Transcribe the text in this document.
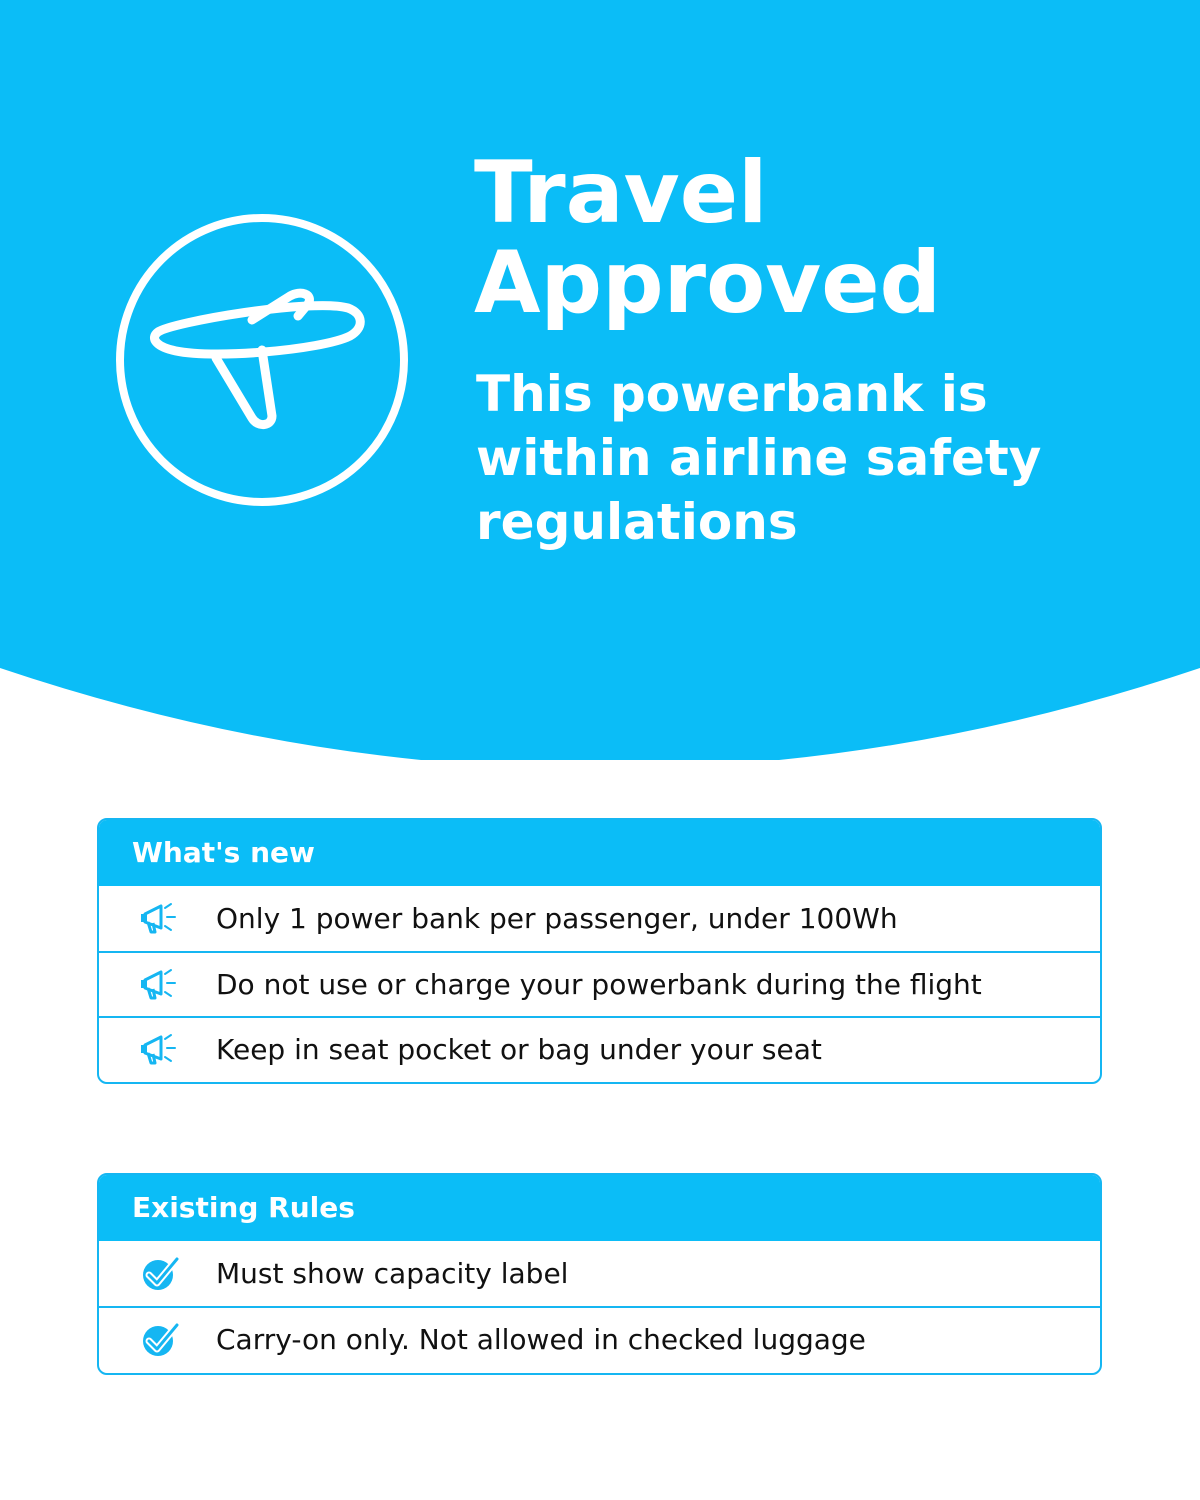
Travel
Approved

This powerbank is
within airline safety
regulations

What's new
Only 1 power bank per passenger, under 100Wh
Do not use or charge your powerbank during the flight
Keep in seat pocket or bag under your seat
Existing Rules
Must show capacity label
Carry-on only. Not allowed in checked luggage
